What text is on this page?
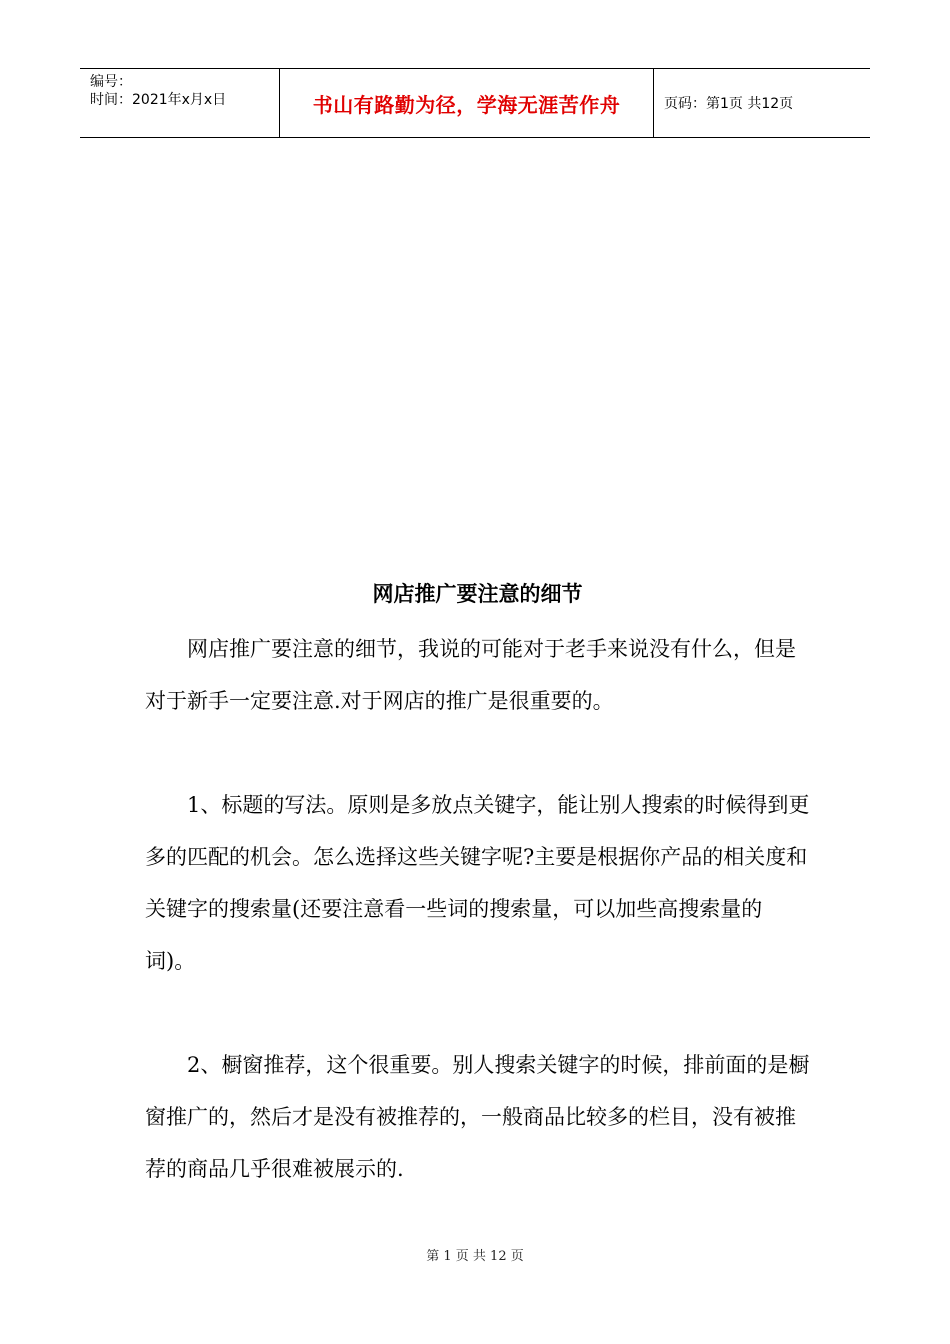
编号：
时间：2021年x月x日	书山有路勤为径，学海无涯苦作舟	页码：第1页 共12页
网店推广要注意的细节

网店推广要注意的细节，我说的可能对于老手来说没有什么，但是对于新手一定要注意.对于网店的推广是很重要的。

1、标题的写法。原则是多放点关键字，能让别人搜索的时候得到更多的匹配的机会。怎么选择这些关键字呢?主要是根据你产品的相关度和关键字的搜索量(还要注意看一些词的搜索量，可以加些高搜索量的词)。

2、橱窗推荐，这个很重要。别人搜索关键字的时候，排前面的是橱窗推广的，然后才是没有被推荐的，一般商品比较多的栏目，没有被推荐的商品几乎很难被展示的.

第 1 页 共 12 页
